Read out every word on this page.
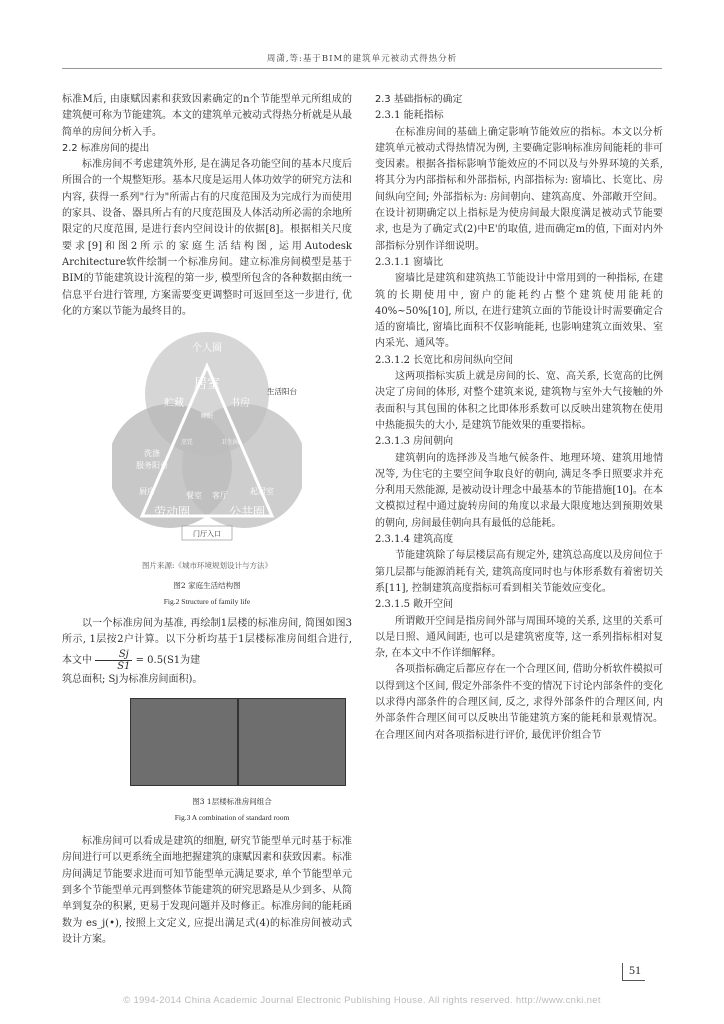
周潇,等:基于BIM的建筑单元被动式得热分析

标准M后, 由康赋因素和获致因素确定的n个节能型单元所组成的建筑便可称为节能建筑。本文的建筑单元被动式得热分析就是从最简单的房间分析入手。

2.2 标准房间的提出

标准房间不考虑建筑外形, 是在满足各功能空间的基本尺度后所围合的一个規整矩形。基本尺度是运用人体功效学的研究方法和内容, 获得一系列"行为"所需占有的尺度范围及为完成行为而使用的家具、设备、器具所占有的尺度范围及人体活动所必需的余地所限定的尺度范围, 是进行套内空间设计的依据[8]。根据相关尺度要求[9]和图2所示的家庭生活结构图, 运用Autodesk Architecture软件绘制一个标准房间。建立标准房间模型是基于BIM的节能建筑设计流程的第一步, 模型所包含的各种数据由统一信息平台进行管理, 方案需要变更调整时可返回至这一步进行, 优化的方案以节能为最终目的。

个人圈
居室
贮藏	书房
睡眠
洗涤
服务阳台
烹饪	卫生间
厨房	餐室 客厅	起居室
劳动圈	公共圈
门厅入口
生活阳台
图片来源:《城市环境规划设计与方法》
图2 家庭生活结构图
Fig.2 Structure of family life

以一个标准房间为基准, 再绘制1层楼的标准房间, 简图如图3所示, 1层按2户计算。以下分析均基于1层楼标准房间组合进行, 本文中 $\frac{Sj}{S1} = 0.5(S1$为建

筑总面积; Sj为标准房间面积)。

图3 1层楼标准房间组合
Fig.3 A combination of standard room

标准房间可以看成是建筑的细胞, 研究节能型单元时基于标准房间进行可以更系统全面地把握建筑的康赋因素和获致因素。标准房间满足节能要求进而可知节能型单元满足要求, 单个节能型单元到多个节能型单元再到整体节能建筑的研究思路是从少到多、从简单到复杂的积累, 更易于发现问题并及时修正。标准房间的能耗函数为 es_j(•), 按照上文定义, 应提出满足式(4)的标准房间被动式设计方案。

2.3 基础指标的确定

2.3.1 能耗指标

在标准房间的基础上确定影响节能效应的指标。本文以分析建筑单元被动式得热情况为例, 主要确定影响标准房间能耗的非可变因素。根据各指标影响节能效应的不同以及与外界环境的关系, 将其分为内部指标和外部指标, 内部指标为: 窗墙比、长宽比、房间纵向空间; 外部指标为: 房间朝向、建筑高度、外部敞开空间。在设计初期确定以上指标是为使房间最大限度满足被动式节能要求, 也是为了确定式(2)中E'的取值, 进而确定m的值, 下面对内外部指标分别作详细说明。

2.3.1.1 窗墙比

窗墙比是建筑和建筑热工节能设计中常用到的一种指标, 在建筑的长期使用中, 窗户的能耗约占整个建筑使用能耗的40%~50%[10], 所以, 在进行建筑立面的节能设计时需要确定合适的窗墙比, 窗墙比面积不仅影响能耗, 也影响建筑立面效果、室内采光、通风等。

2.3.1.2 长宽比和房间纵向空间

这两项指标实质上就是房间的长、宽、高关系, 长宽高的比例决定了房间的体形, 对整个建筑来说, 建筑物与室外大气接触的外表面积与其包围的体积之比即体形系数可以反映出建筑物在使用中热能损失的大小, 是建筑节能效果的重要指标。

2.3.1.3 房间朝向

建筑朝向的选择涉及当地气候条件、地理环境、建筑用地情况等, 为住宅的主要空间争取良好的朝向, 满足冬季日照要求并充分利用天然能源, 是被动设计理念中最基本的节能措施[10]。在本文模拟过程中通过旋转房间的角度以求最大限度地达到预期效果的朝向, 房间最佳朝向具有最低的总能耗。

2.3.1.4 建筑高度

节能建筑除了每层楼层高有规定外, 建筑总高度以及房间位于第几层都与能源消耗有关, 建筑高度同时也与体形系数有着密切关系[11], 控制建筑高度指标可看到相关节能效应变化。

2.3.1.5 敞开空间

所谓敞开空间是指房间外部与周围环境的关系, 这里的关系可以是日照、通风间距, 也可以是建筑密度等, 这一系列指标相对复杂, 在本文中不作详细解释。

各项指标确定后都应存在一个合理区间, 借助分析软件模拟可以得到这个区间, 假定外部条件不变的情况下讨论内部条件的变化以求得内部条件的合理区间, 反之, 求得外部条件的合理区间, 内外部条件合理区间可以反映出节能建筑方案的能耗和景观情况。在合理区间内对各项指标进行评价, 最优评价组合节

51
© 1994-2014 China Academic Journal Electronic Publishing House. All rights reserved. http://www.cnki.net
